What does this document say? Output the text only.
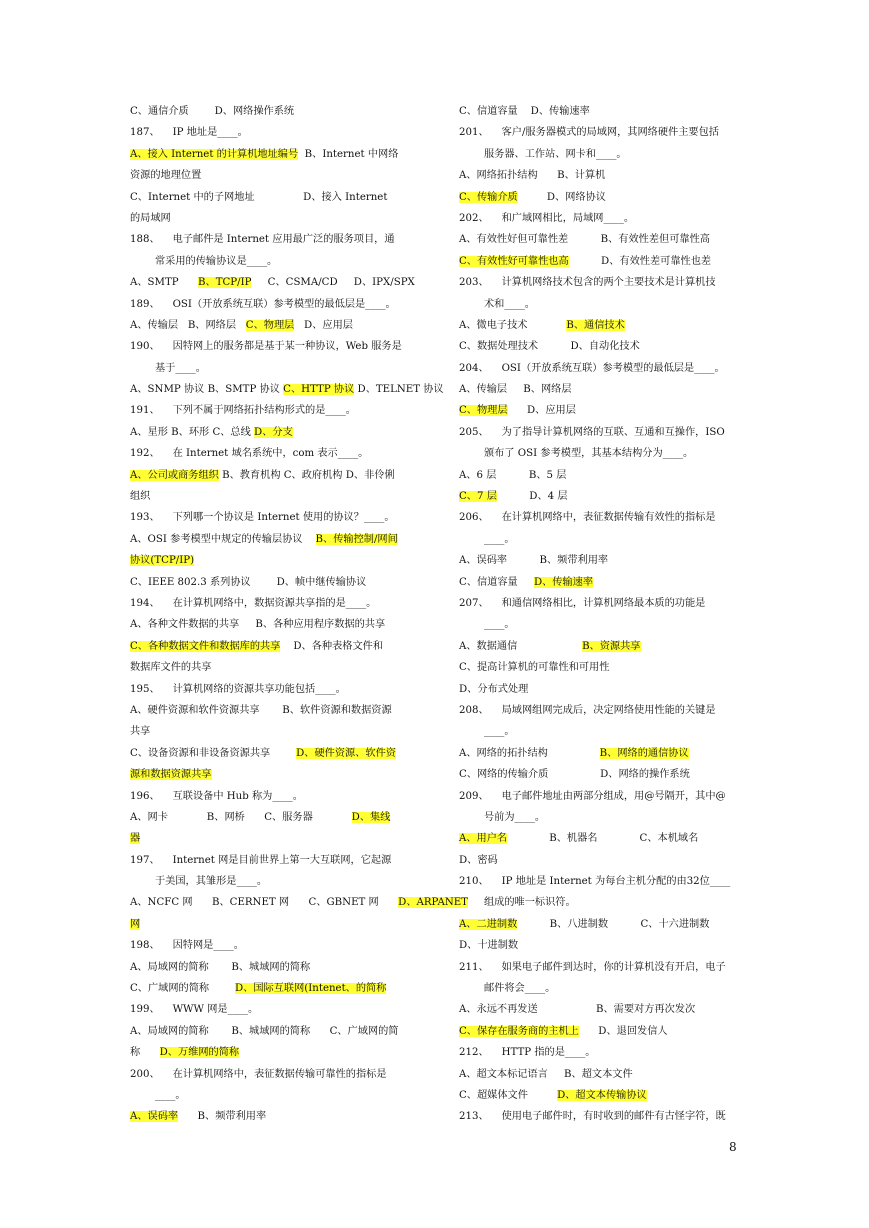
C、通信介质        D、网络操作系统
187、    IP 地址是____。
A、接入 Internet 的计算机地址编号  B、Internet 中网络
资源的地理位置
C、Internet 中的子网地址               D、接入 Internet
的局域网
188、    电子邮件是 Internet 应用最广泛的服务项目，通
常采用的传输协议是____。
A、SMTP      B、TCP/IP     C、CSMA/CD     D、IPX/SPX
189、    OSI（开放系统互联）参考模型的最低层是____。
A、传输层   B、网络层   C、物理层   D、应用层
190、    因特网上的服务都是基于某一种协议，Web 服务是
基于____。
A、SNMP 协议 B、SMTP 协议 C、HTTP 协议 D、TELNET 协议
191、    下列不属于网络拓扑结构形式的是____。
A、星形 B、环形 C、总线 D、分支
192、    在 Internet 域名系统中，com 表示____。
A、公司或商务组织 B、教育机构 C、政府机构 D、非伶俐
组织
193、    下列哪一个协议是 Internet 使用的协议？____。
A、OSI 参考模型中规定的传输层协议    B、传输控制/网间
协议(TCP/IP)
C、IEEE 802.3 系列协议        D、帧中继传输协议
194、    在计算机网络中，数据资源共享指的是____。
A、各种文件数据的共享     B、各种应用程序数据的共享
C、各种数据文件和数据库的共享    D、各种表格文件和
数据库文件的共享
195、    计算机网络的资源共享功能包括____。
A、硬件资源和软件资源共享       B、软件资源和数据资源
共享
C、设备资源和非设备资源共享        D、硬件资源、软件资
源和数据资源共享
196、    互联设备中 Hub 称为____。
A、网卡            B、网桥      C、服务器            D、集线
器
197、    Internet 网是目前世界上第一大互联网，它起源
于美国，其雏形是____。
A、NCFC 网      B、CERNET 网      C、GBNET 网      D、ARPANET
网
198、    因特网是____。
A、局域网的简称       B、城域网的简称
C、广域网的简称        D、国际互联网(Intenet、的简称
199、    WWW 网是____。
A、局域网的简称       B、城域网的简称      C、广域网的简
称      D、万维网的简称
200、    在计算机网络中，表征数据传输可靠性的指标是
____。
A、误码率      B、频带利用率
C、信道容量    D、传输速率
201、    客户/服务器模式的局域网，其网络硬件主要包括
服务器、工作站、网卡和____。
A、网络拓扑结构      B、计算机
C、传输介质         D、网络协议
202、    和广域网相比，局域网____。
A、有效性好但可靠性差          B、有效性差但可靠性高
C、有效性好可靠性也高          D、有效性差可靠性也差
203、    计算机网络技术包含的两个主要技术是计算机技
术和____。
A、微电子技术            B、通信技术
C、数据处理技术          D、自动化技术
204、    OSI（开放系统互联）参考模型的最低层是____。
A、传输层     B、网络层
C、物理层      D、应用层
205、    为了指导计算机网络的互联、互通和互操作，ISO
颁布了 OSI 参考模型，其基本结构分为____。
A、6 层          B、5 层
C、7 层          D、4 层
206、    在计算机网络中，表征数据传输有效性的指标是
____。
A、误码率          B、频带利用率
C、信道容量     D、传输速率
207、    和通信网络相比，计算机网络最本质的功能是
____。
A、数据通信                    B、资源共享
C、提高计算机的可靠性和可用性
D、分布式处理
208、    局域网组网完成后，决定网络使用性能的关键是
____。
A、网络的拓扑结构                B、网络的通信协议
C、网络的传输介质                D、网络的操作系统
209、    电子邮件地址由两部分组成，用@号隔开，其中@
号前为____。
A、用户名             B、机器名             C、本机域名
D、密码
210、    IP 地址是 Internet 为每台主机分配的由32位____
组成的唯一标识符。
A、二进制数          B、八进制数          C、十六进制数
D、十进制数
211、    如果电子邮件到达时，你的计算机没有开启，电子
邮件将会____。
A、永远不再发送                  B、需要对方再次发次
C、保存在服务商的主机上      D、退回发信人
212、    HTTP 指的是____。
A、超文本标记语言     B、超文本文件
C、超媒体文件         D、超文本传输协议
213、    使用电子邮件时，有时收到的邮件有古怪字符，既
8
